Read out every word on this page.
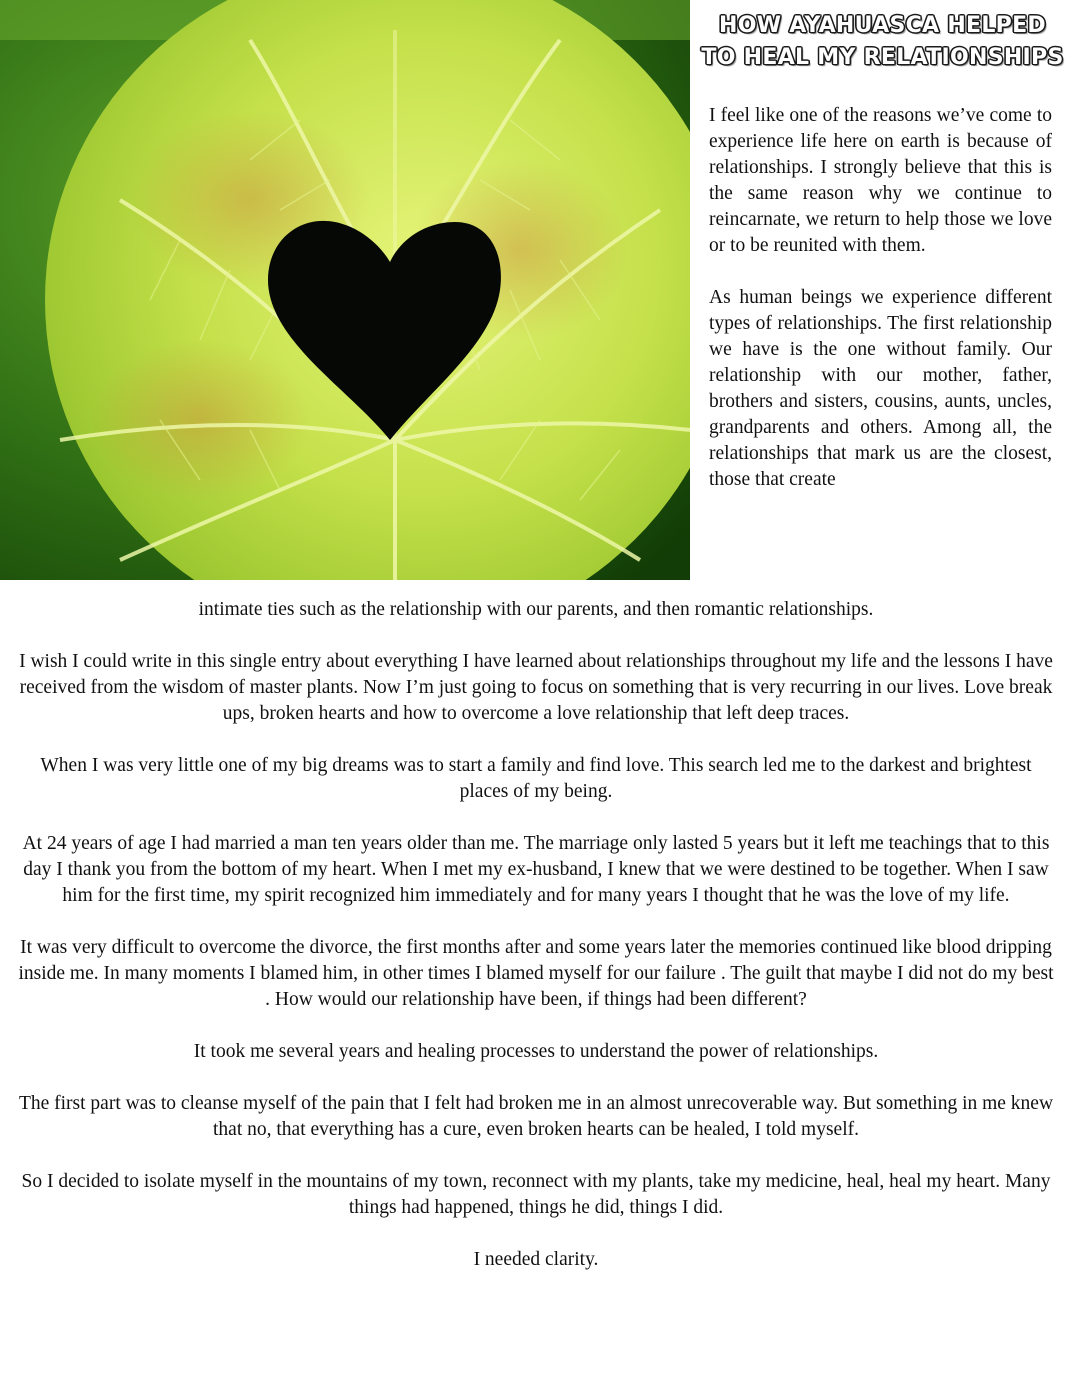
HOW AYAHUASCA HELPED
TO HEAL MY RELATIONSHIPS

I feel like one of the reasons we’ve come to experience life here on earth is because of relationships. I strongly believe that this is the same reason why we continue to reincarnate, we return to help those we love or to be reunited with them.

As human beings we experience different types of relationships. The first relationship we have is the one without family. Our relationship with our mother, father, brothers and sisters, cousins, aunts, uncles, grandparents and others. Among all, the relationships that mark us are the closest, those that create

intimate ties such as the relationship with our parents, and then romantic relationships.

I wish I could write in this single entry about everything I have learned about relationships throughout my life and the lessons I have received from the wisdom of master plants. Now I’m just going to focus on something that is very recurring in our lives. Love break ups, broken hearts and how to overcome a love relationship that left deep traces.

When I was very little one of my big dreams was to start a family and find love. This search led me to the darkest and brightest places of my being.

At 24 years of age I had married a man ten years older than me. The marriage only lasted 5 years but it left me teachings that to this day I thank you from the bottom of my heart. When I met my ex-husband, I knew that we were destined to be together. When I saw him for the first time, my spirit recognized him immediately and for many years I thought that he was the love of my life.

It was very difficult to overcome the divorce, the first months after and some years later the memories continued like blood dripping inside me. In many moments I blamed him, in other times I blamed myself for our failure . The guilt that maybe I did not do my best . How would our relationship have been, if things had been different?

It took me several years and healing processes to understand the power of relationships.

The first part was to cleanse myself of the pain that I felt had broken me in an almost unrecoverable way. But something in me knew that no, that everything has a cure, even broken hearts can be healed, I told myself.

So I decided to isolate myself in the mountains of my town, reconnect with my plants, take my medicine, heal, heal my heart. Many things had happened, things he did, things I did.

I needed clarity.
